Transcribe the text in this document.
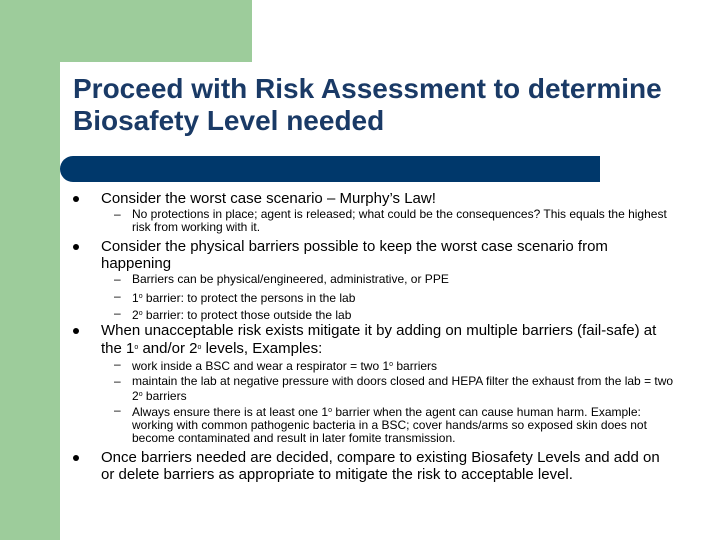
Proceed with Risk Assessment to determine Biosafety Level needed
Consider the worst case scenario – Murphy’s Law!
– No protections in place; agent is released; what could be the consequences? This equals the highest risk from working with it.
Consider the physical barriers possible to keep the worst case scenario from happening
– Barriers can be physical/engineered, administrative, or PPE
– 1$^o$ barrier: to protect the persons in the lab
– 2$^o$ barrier: to protect those outside the lab
When unacceptable risk exists mitigate it by adding on multiple barriers (fail-safe) at the 1$^o$ and/or 2$^o$ levels, Examples:
– work inside a BSC and wear a respirator = two 1$^o$ barriers
– maintain the lab at negative pressure with doors closed and HEPA filter the exhaust from the lab = two 2$^o$ barriers
– Always ensure there is at least one 1$^o$ barrier when the agent can cause human harm. Example: working with common pathogenic bacteria in a BSC; cover hands/arms so exposed skin does not become contaminated and result in later fomite transmission.
Once barriers needed are decided, compare to existing Biosafety Levels and add on or delete barriers as appropriate to mitigate the risk to acceptable level.
